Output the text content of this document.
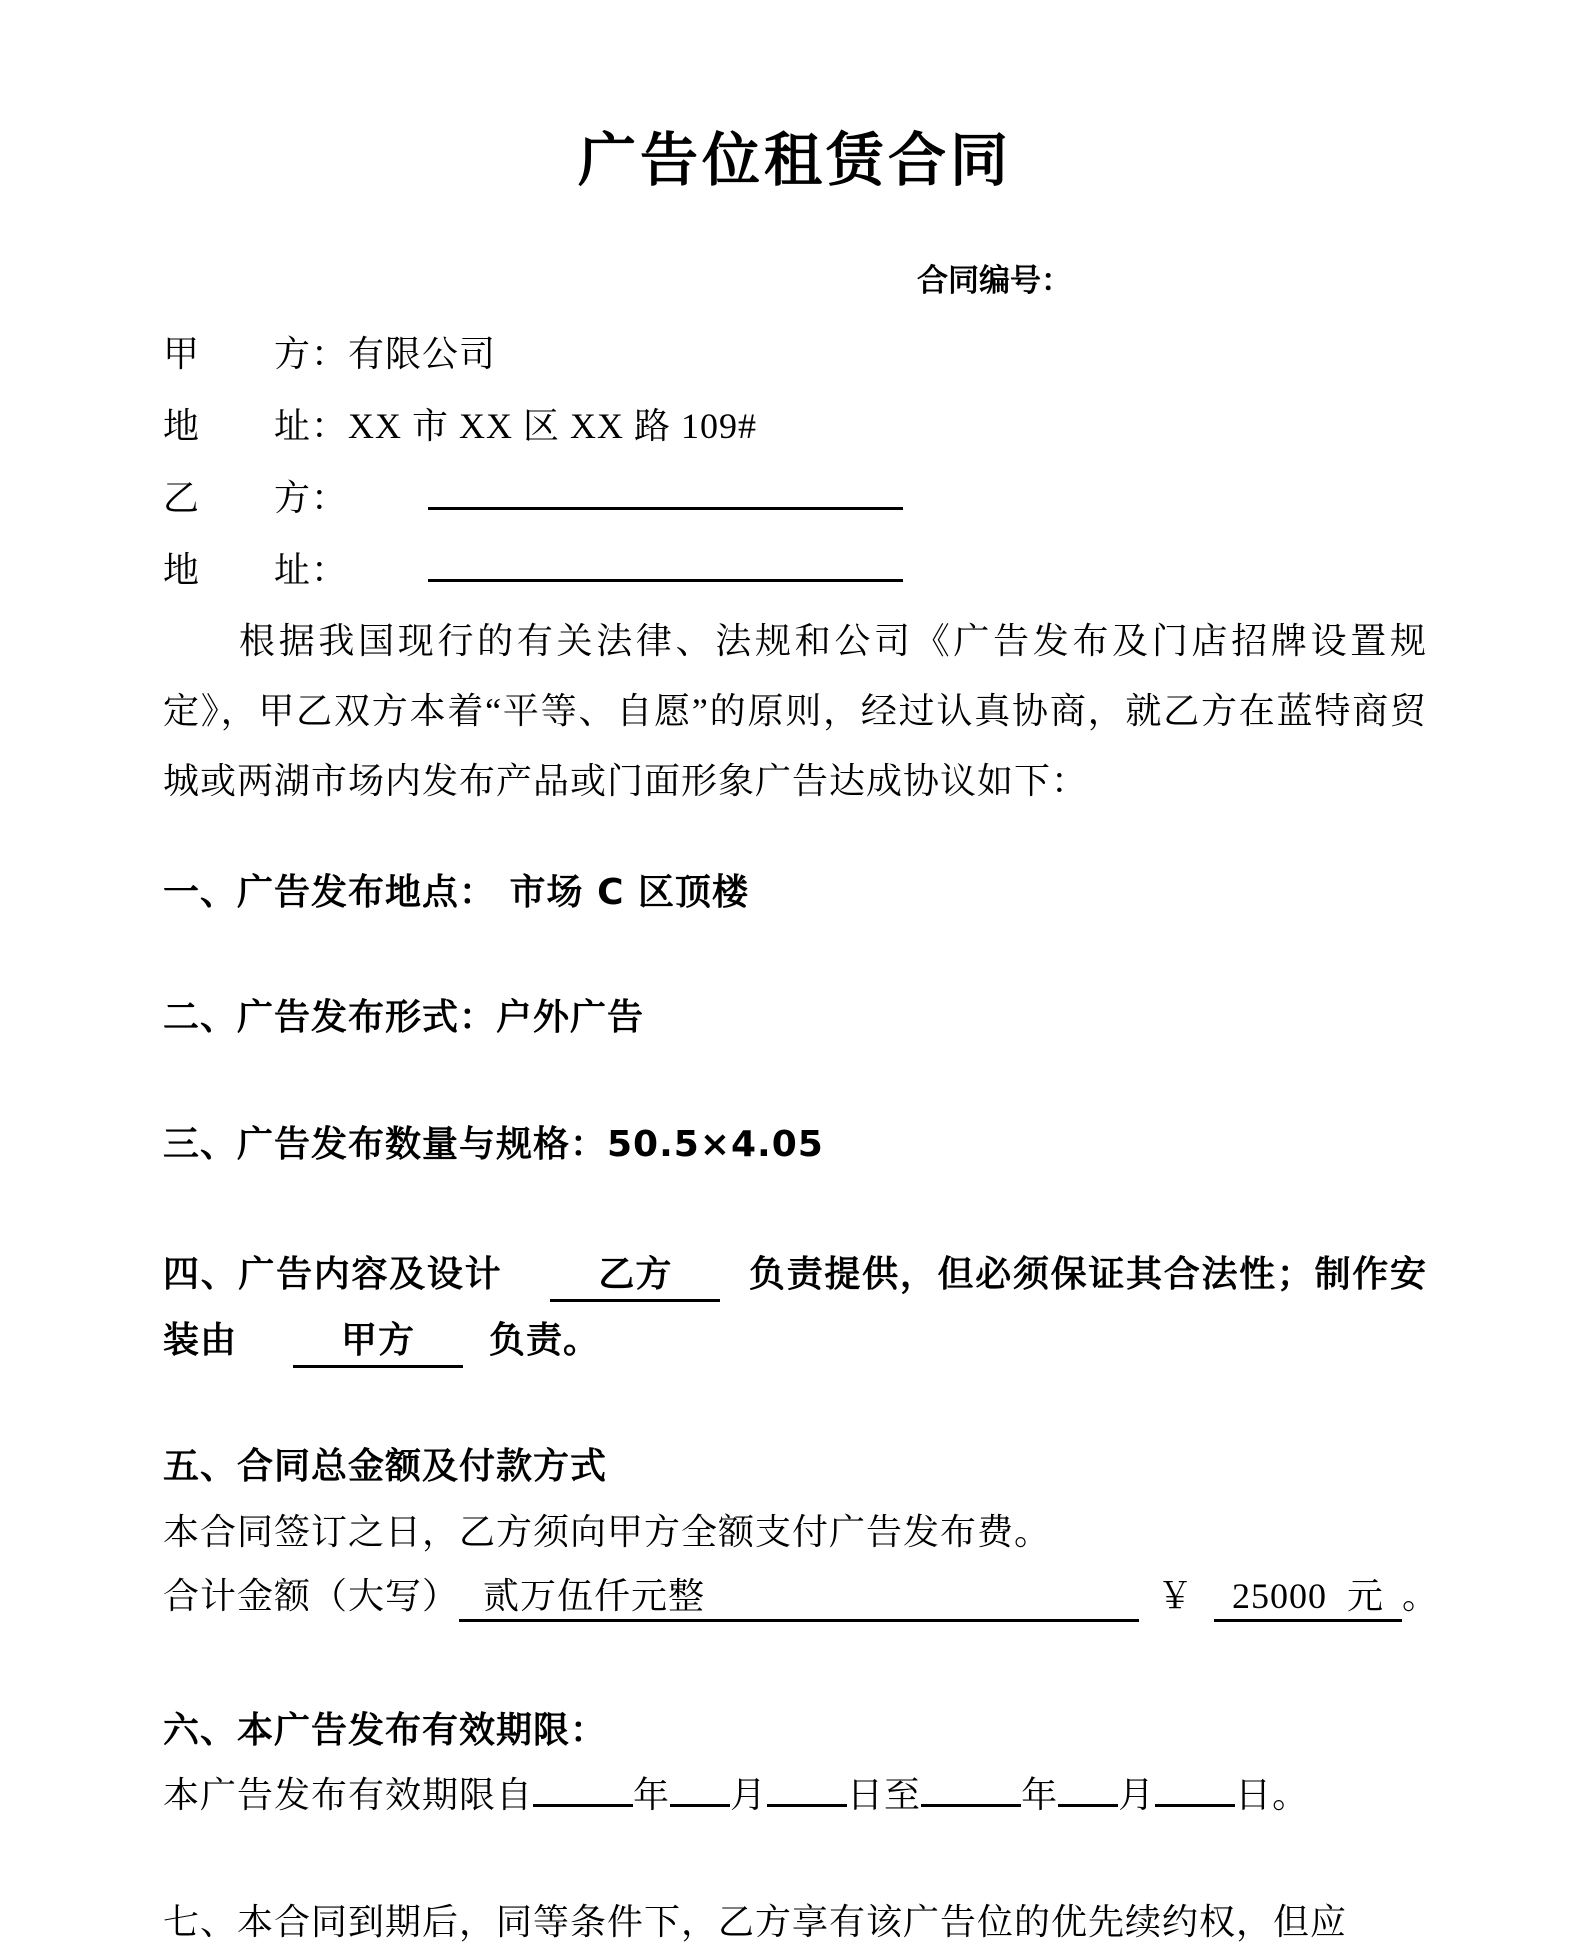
广告位租赁合同

合同编号：

甲　　方：有限公司

地　　址：XX 市 XX 区 XX 路 109#

乙　　方：

地　　址：

根据我国现行的有关法律、法规和公司《广告发布及门店招牌设置规定》，甲乙双方本着“平等、自愿”的原则，经过认真协商，就乙方在蓝特商贸城或两湖市场内发布产品或门面形象广告达成协议如下：

一、广告发布地点： 市场 C 区顶楼

二、广告发布形式：户外广告

三、广告发布数量与规格：50.5×4.05

四、广告内容及设计	乙方 负责提供，但必须保证其合法性；制作安装由	甲方 负责。

五、合同总金额及付款方式

本合同签订之日，乙方须向甲方全额支付广告发布费。

合计金额（大写） 贰万伍仟元整	￥ 25000 元 。

六、本广告发布有效期限：

本广告发布有效期限自	年 月 日至	年 月 日。

七、本合同到期后，同等条件下，乙方享有该广告位的优先续约权，但应
